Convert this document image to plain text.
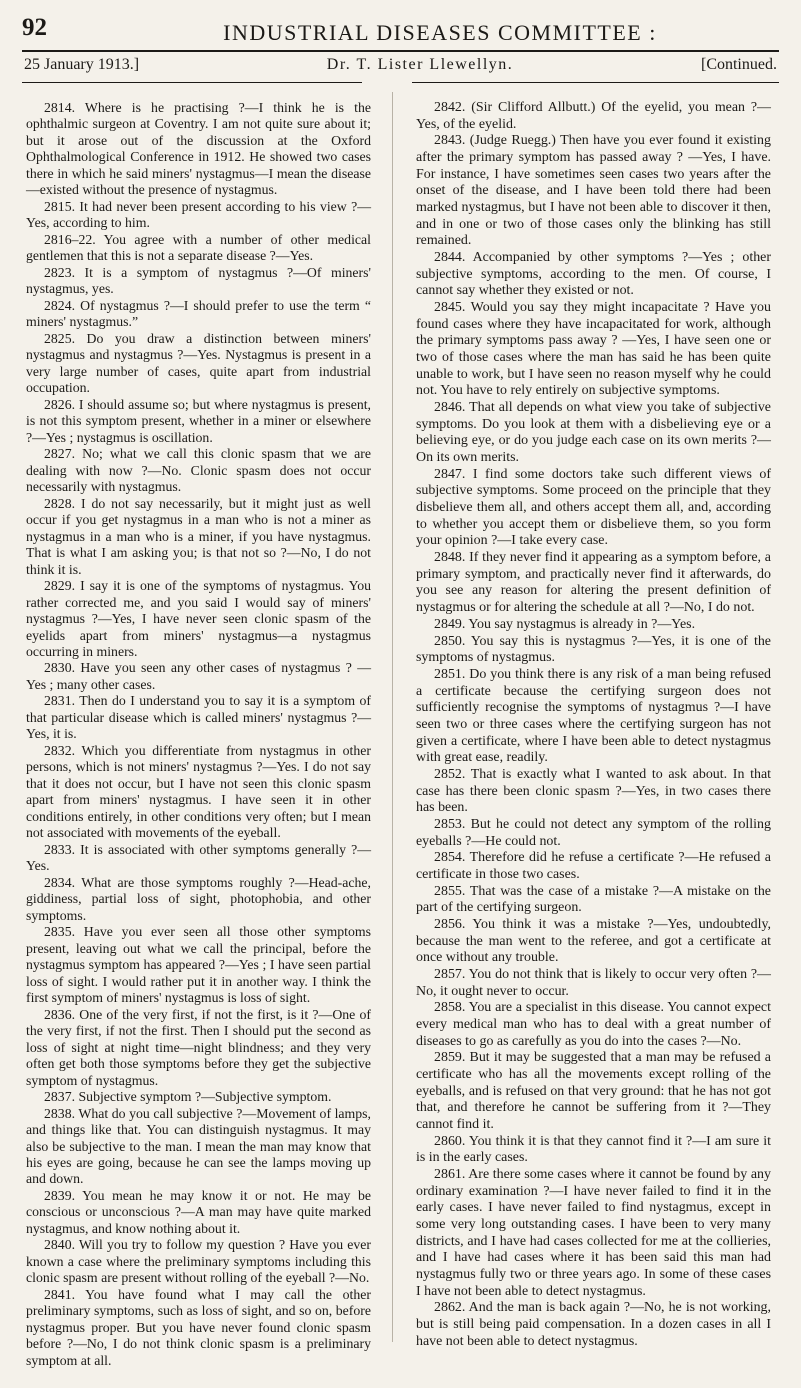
92	INDUSTRIAL DISEASES COMMITTEE :
25 January 1913.]	Dr. T. Lister Llewellyn.	[Continued.

2814. Where is he practising ?—I think he is the ophthalmic surgeon at Coventry. I am not quite sure about it; but it arose out of the discussion at the Oxford Ophthalmological Conference in 1912. He showed two cases there in which he said miners' nystagmus—I mean the disease—existed without the presence of nystagmus.

2815. It had never been present according to his view ?—Yes, according to him.

2816–22. You agree with a number of other medical gentlemen that this is not a separate disease ?—Yes.

2823. It is a symptom of nystagmus ?—Of miners' nystagmus, yes.

2824. Of nystagmus ?—I should prefer to use the term “ miners' nystagmus.”

2825. Do you draw a distinction between miners' nystagmus and nystagmus ?—Yes. Nystagmus is present in a very large number of cases, quite apart from industrial occupation.

2826. I should assume so; but where nystagmus is present, is not this symptom present, whether in a miner or elsewhere ?—Yes ; nystagmus is oscillation.

2827. No; what we call this clonic spasm that we are dealing with now ?—No. Clonic spasm does not occur necessarily with nystagmus.

2828. I do not say necessarily, but it might just as well occur if you get nystagmus in a man who is not a miner as nystagmus in a man who is a miner, if you have nystagmus. That is what I am asking you; is that not so ?—No, I do not think it is.

2829. I say it is one of the symptoms of nystagmus. You rather corrected me, and you said I would say of miners' nystagmus ?—Yes, I have never seen clonic spasm of the eyelids apart from miners' nystagmus—a nystagmus occurring in miners.

2830. Have you seen any other cases of nystagmus ? —Yes ; many other cases.

2831. Then do I understand you to say it is a symptom of that particular disease which is called miners' nystagmus ?—Yes, it is.

2832. Which you differentiate from nystagmus in other persons, which is not miners' nystagmus ?—Yes. I do not say that it does not occur, but I have not seen this clonic spasm apart from miners' nystagmus. I have seen it in other conditions entirely, in other conditions very often; but I mean not associated with movements of the eyeball.

2833. It is associated with other symptoms generally ?—Yes.

2834. What are those symptoms roughly ?—Head-ache, giddiness, partial loss of sight, photophobia, and other symptoms.

2835. Have you ever seen all those other symptoms present, leaving out what we call the principal, before the nystagmus symptom has appeared ?—Yes ; I have seen partial loss of sight. I would rather put it in another way. I think the first symptom of miners' nystagmus is loss of sight.

2836. One of the very first, if not the first, is it ?—One of the very first, if not the first. Then I should put the second as loss of sight at night time—night blindness; and they very often get both those symptoms before they get the subjective symptom of nystagmus.

2837. Subjective symptom ?—Subjective symptom.

2838. What do you call subjective ?—Movement of lamps, and things like that. You can distinguish nystagmus. It may also be subjective to the man. I mean the man may know that his eyes are going, because he can see the lamps moving up and down.

2839. You mean he may know it or not. He may be conscious or unconscious ?—A man may have quite marked nystagmus, and know nothing about it.

2840. Will you try to follow my question ? Have you ever known a case where the preliminary symptoms including this clonic spasm are present without rolling of the eyeball ?—No.

2841. You have found what I may call the other preliminary symptoms, such as loss of sight, and so on, before nystagmus proper. But you have never found clonic spasm before ?—No, I do not think clonic spasm is a preliminary symptom at all.

2842. (Sir Clifford Allbutt.) Of the eyelid, you mean ?—Yes, of the eyelid.

2843. (Judge Ruegg.) Then have you ever found it existing after the primary symptom has passed away ? —Yes, I have. For instance, I have sometimes seen cases two years after the onset of the disease, and I have been told there had been marked nystagmus, but I have not been able to discover it then, and in one or two of those cases only the blinking has still remained.

2844. Accompanied by other symptoms ?—Yes ; other subjective symptoms, according to the men. Of course, I cannot say whether they existed or not.

2845. Would you say they might incapacitate ? Have you found cases where they have incapacitated for work, although the primary symptoms pass away ? —Yes, I have seen one or two of those cases where the man has said he has been quite unable to work, but I have seen no reason myself why he could not. You have to rely entirely on subjective symptoms.

2846. That all depends on what view you take of subjective symptoms. Do you look at them with a disbelieving eye or a believing eye, or do you judge each case on its own merits ?—On its own merits.

2847. I find some doctors take such different views of subjective symptoms. Some proceed on the principle that they disbelieve them all, and others accept them all, and, according to whether you accept them or disbelieve them, so you form your opinion ?—I take every case.

2848. If they never find it appearing as a symptom before, a primary symptom, and practically never find it afterwards, do you see any reason for altering the present definition of nystagmus or for altering the schedule at all ?—No, I do not.

2849. You say nystagmus is already in ?—Yes.

2850. You say this is nystagmus ?—Yes, it is one of the symptoms of nystagmus.

2851. Do you think there is any risk of a man being refused a certificate because the certifying surgeon does not sufficiently recognise the symptoms of nystagmus ?—I have seen two or three cases where the certifying surgeon has not given a certificate, where I have been able to detect nystagmus with great ease, readily.

2852. That is exactly what I wanted to ask about. In that case has there been clonic spasm ?—Yes, in two cases there has been.

2853. But he could not detect any symptom of the rolling eyeballs ?—He could not.

2854. Therefore did he refuse a certificate ?—He refused a certificate in those two cases.

2855. That was the case of a mistake ?—A mistake on the part of the certifying surgeon.

2856. You think it was a mistake ?—Yes, undoubtedly, because the man went to the referee, and got a certificate at once without any trouble.

2857. You do not think that is likely to occur very often ?—No, it ought never to occur.

2858. You are a specialist in this disease. You cannot expect every medical man who has to deal with a great number of diseases to go as carefully as you do into the cases ?—No.

2859. But it may be suggested that a man may be refused a certificate who has all the movements except rolling of the eyeballs, and is refused on that very ground: that he has not got that, and therefore he cannot be suffering from it ?—They cannot find it.

2860. You think it is that they cannot find it ?—I am sure it is in the early cases.

2861. Are there some cases where it cannot be found by any ordinary examination ?—I have never failed to find it in the early cases. I have never failed to find nystagmus, except in some very long outstanding cases. I have been to very many districts, and I have had cases collected for me at the collieries, and I have had cases where it has been said this man had nystagmus fully two or three years ago. In some of these cases I have not been able to detect nystagmus.

2862. And the man is back again ?—No, he is not working, but is still being paid compensation. In a dozen cases in all I have not been able to detect nystagmus.
